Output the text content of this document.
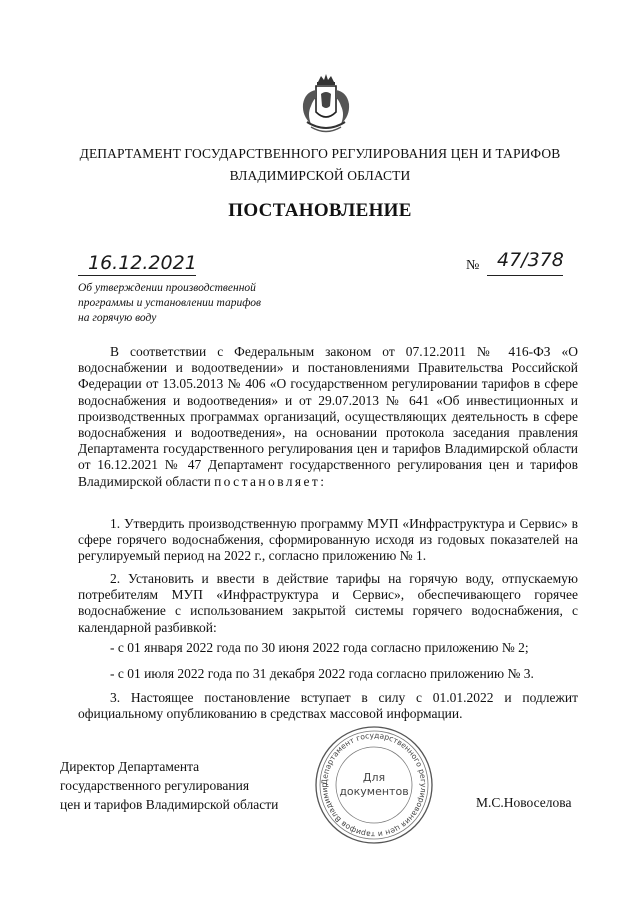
ДЕПАРТАМЕНТ ГОСУДАРСТВЕННОГО РЕГУЛИРОВАНИЯ ЦЕН И ТАРИФОВ
ВЛАДИМИРСКОЙ ОБЛАСТИ
ПОСТАНОВЛЕНИЕ
16.12.2021	№ 47/378
Об утверждении производственной
программы и установлении тарифов
на горячую воду
В соответствии с Федеральным законом от 07.12.2011 № 416-ФЗ «О водоснабжении и водоотведении» и постановлениями Правительства Российской Федерации от 13.05.2013 № 406 «О государственном регулировании тарифов в сфере водоснабжения и водоотведения» и от 29.07.2013 № 641 «Об инвестиционных и производственных программах организаций, осуществляющих деятельность в сфере водоснабжения и водоотведения», на основании протокола заседания правления Департамента государственного регулирования цен и тарифов Владимирской области от 16.12.2021 № 47 Департамент государственного регулирования цен и тарифов Владимирской области постановляет:
1. Утвердить производственную программу МУП «Инфраструктура и Сервис» в сфере горячего водоснабжения, сформированную исходя из годовых показателей на регулируемый период на 2022 г., согласно приложению № 1.
2. Установить и ввести в действие тарифы на горячую воду, отпускаемую потребителям МУП «Инфраструктура и Сервис», обеспечивающего горячее водоснабжение с использованием закрытой системы горячего водоснабжения, с календарной разбивкой:
- с 01 января 2022 года по 30 июня 2022 года согласно приложению № 2;
- с 01 июля 2022 года по 31 декабря 2022 года согласно приложению № 3.
3. Настоящее постановление вступает в силу с 01.01.2022 и подлежит официальному опубликованию в средствах массовой информации.
Директор Департамента
государственного регулирования
цен и тарифов Владимирской области	М.С.Новоселова
Департамент государственного регулирования цен и тарифов Владимир
Для
документов
